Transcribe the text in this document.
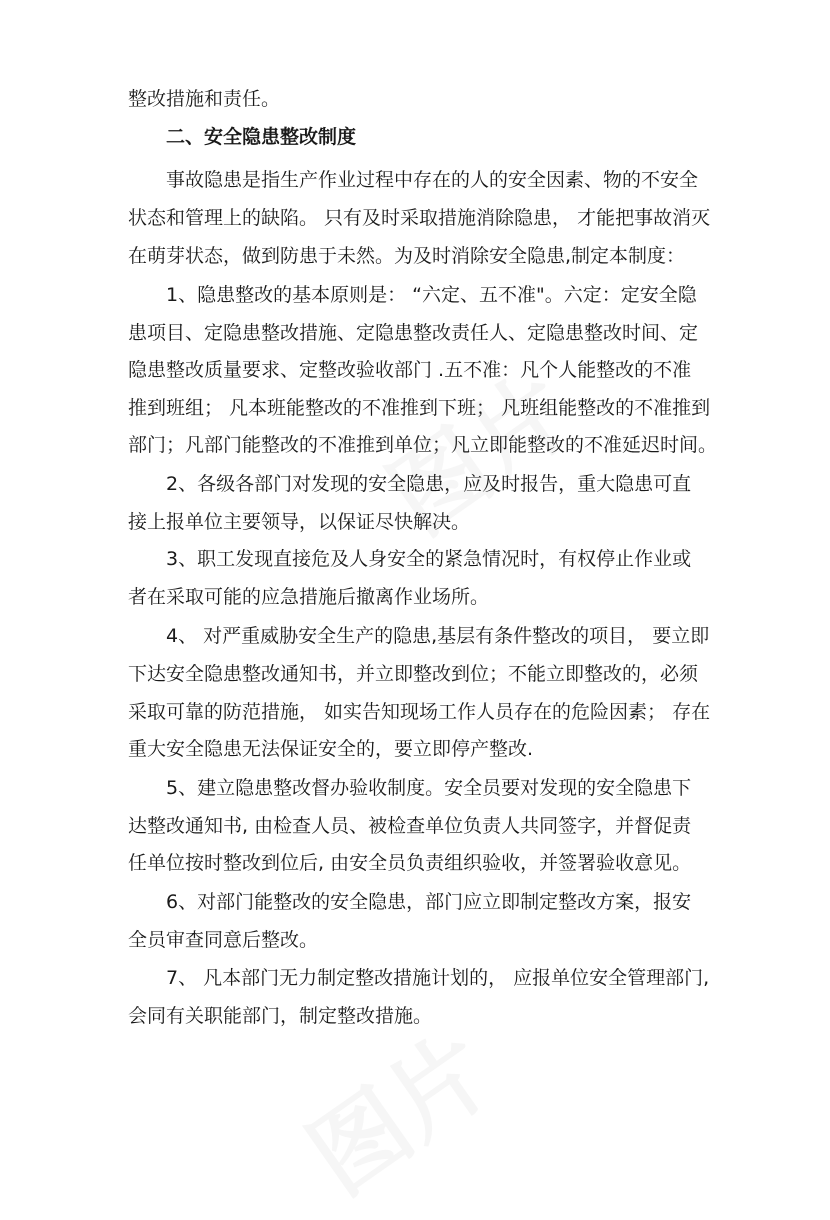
整改措施和责任。
二、安全隐患整改制度
事故隐患是指生产作业过程中存在的人的安全因素、物的不安全
状态和管理上的缺陷。 只有及时采取措施消除隐患， 才能把事故消灭
在萌芽状态，做到防患于未然。为及时消除安全隐患,制定本制度：
1、隐患整改的基本原则是： “六定、五不准"。六定：定安全隐
患项目、定隐患整改措施、定隐患整改责任人、定隐患整改时间、定
隐患整改质量要求、定整改验收部门 .五不准：凡个人能整改的不准
推到班组； 凡本班能整改的不准推到下班； 凡班组能整改的不准推到
部门；凡部门能整改的不准推到单位；凡立即能整改的不准延迟时间。
2、各级各部门对发现的安全隐患，应及时报告，重大隐患可直
接上报单位主要领导，以保证尽快解决。
3、职工发现直接危及人身安全的紧急情况时，有权停止作业或
者在采取可能的应急措施后撤离作业场所。
4、 对严重威胁安全生产的隐患,基层有条件整改的项目， 要立即
下达安全隐患整改通知书，并立即整改到位；不能立即整改的，必须
采取可靠的防范措施， 如实告知现场工作人员存在的危险因素； 存在
重大安全隐患无法保证安全的，要立即停产整改.
5、建立隐患整改督办验收制度。安全员要对发现的安全隐患下
达整改通知书, 由检查人员、被检查单位负责人共同签字，并督促责
任单位按时整改到位后, 由安全员负责组织验收，并签署验收意见。
6、对部门能整改的安全隐患，部门应立即制定整改方案，报安
全员审查同意后整改。
7、 凡本部门无力制定整改措施计划的， 应报单位安全管理部门,
会同有关职能部门，制定整改措施。
